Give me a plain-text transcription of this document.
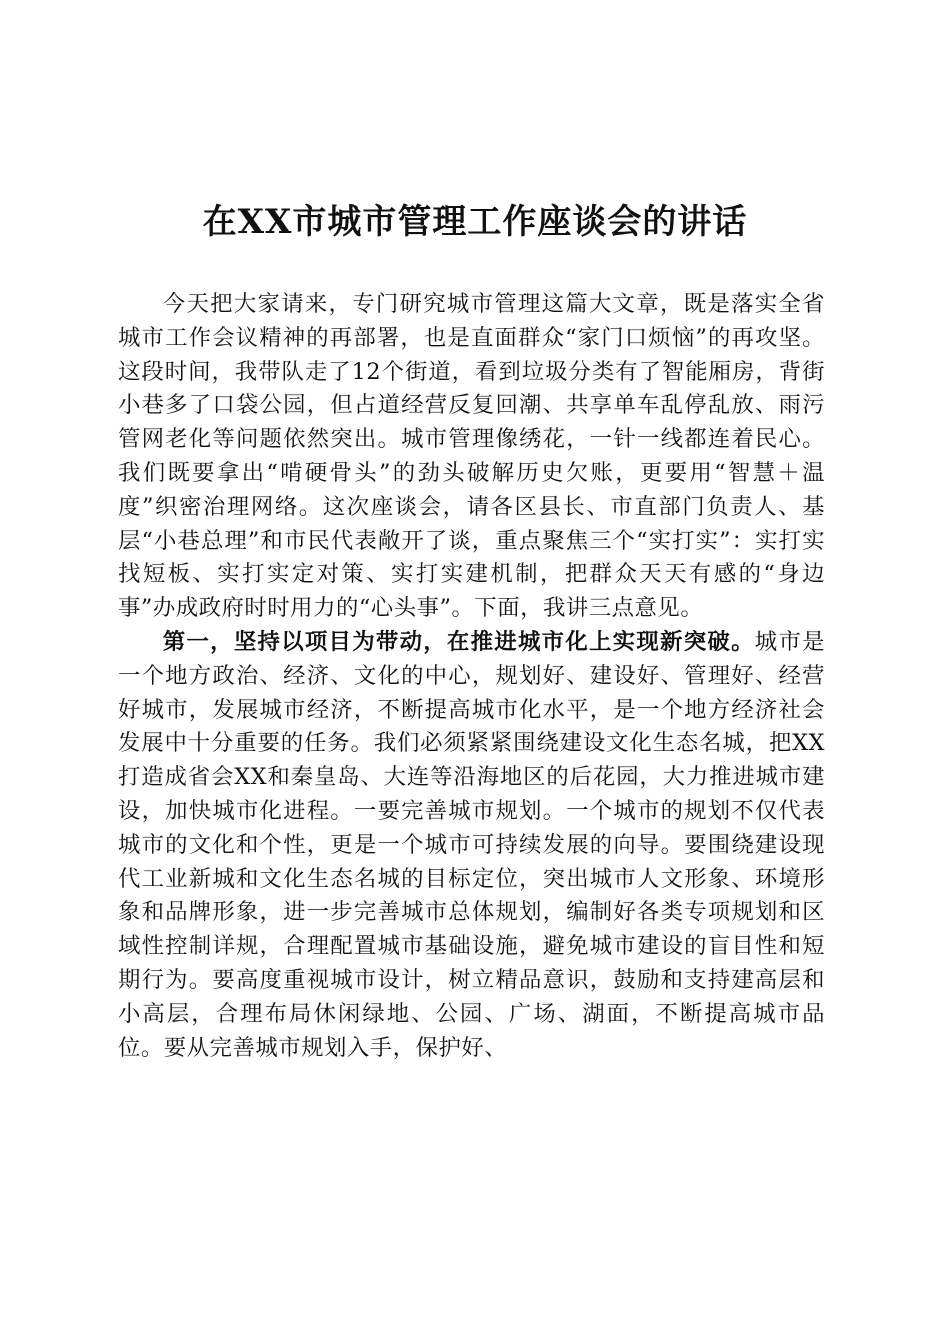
在XX市城市管理工作座谈会的讲话

今天把大家请来，专门研究城市管理这篇大文章，既是落实全省城市工作会议精神的再部署，也是直面群众“家门口烦恼”的再攻坚。这段时间，我带队走了12个街道，看到垃圾分类有了智能厢房，背街小巷多了口袋公园，但占道经营反复回潮、共享单车乱停乱放、雨污管网老化等问题依然突出。城市管理像绣花，一针一线都连着民心。我们既要拿出“啃硬骨头”的劲头破解历史欠账，更要用“智慧＋温度”织密治理网络。这次座谈会，请各区县长、市直部门负责人、基层“小巷总理”和市民代表敞开了谈，重点聚焦三个“实打实”：实打实找短板、实打实定对策、实打实建机制，把群众天天有感的“身边事”办成政府时时用力的“心头事”。下面，我讲三点意见。

第一，坚持以项目为带动，在推进城市化上实现新突破。城市是一个地方政治、经济、文化的中心，规划好、建设好、管理好、经营好城市，发展城市经济，不断提高城市化水平，是一个地方经济社会发展中十分重要的任务。我们必须紧紧围绕建设文化生态名城，把XX打造成省会XX和秦皇岛、大连等沿海地区的后花园，大力推进城市建设，加快城市化进程。一要完善城市规划。一个城市的规划不仅代表城市的文化和个性，更是一个城市可持续发展的向导。要围绕建设现代工业新城和文化生态名城的目标定位，突出城市人文形象、环境形象和品牌形象，进一步完善城市总体规划，编制好各类专项规划和区域性控制详规，合理配置城市基础设施，避免城市建设的盲目性和短期行为。要高度重视城市设计，树立精品意识，鼓励和支持建高层和小高层，合理布局休闲绿地、公园、广场、湖面，不断提高城市品位。要从完善城市规划入手，保护好、
